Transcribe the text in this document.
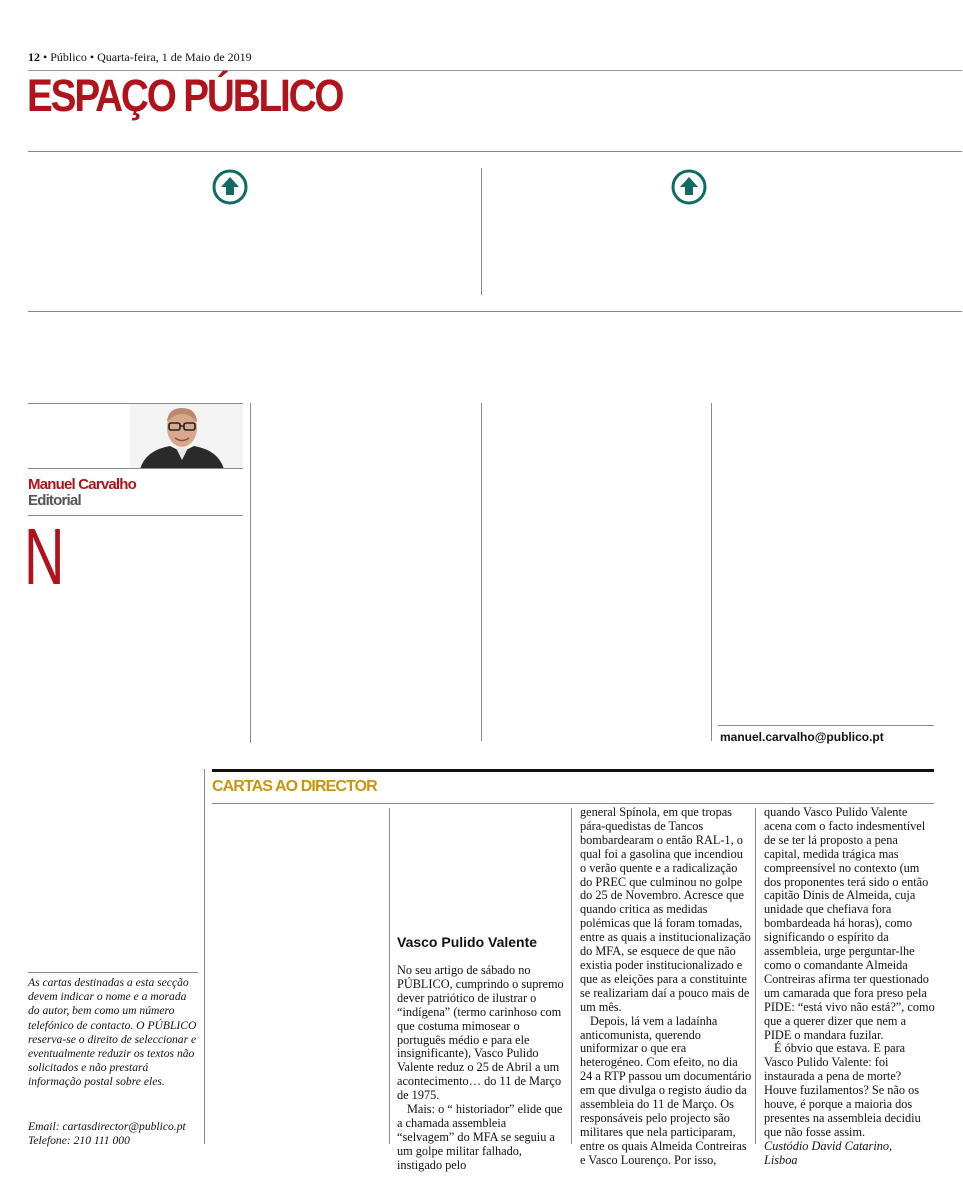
12 • Público • Quarta-feira, 1 de Maio de 2019
ESPAÇO PÚBLICO
Manuel Carvalho
Editorial
N
manuel.carvalho@publico.pt
CARTAS AO DIRECTOR
As cartas destinadas a esta secção devem indicar o nome e a morada do autor, bem como um número telefónico de contacto. O PÚBLICO reserva-se o direito de seleccionar e eventualmente reduzir os textos não solicitados e não prestará informação postal sobre eles.
Email: cartasdirector@publico.pt
Telefone: 210 111 000
Vasco Pulido Valente

No seu artigo de sábado no PÚBLICO, cumprindo o supremo dever patriótico de ilustrar o “indígena” (termo carinhoso com que costuma mimosear o português médio e para ele insignificante), Vasco Pulido Valente reduz o 25 de Abril a um acontecimento… do 11 de Março de 1975.

Mais: o “ historiador” elide que a chamada assembleia “selvagem” do MFA se seguiu a um golpe militar falhado, instigado pelo

general Spínola, em que tropas pára-quedistas de Tancos bombardearam o então RAL-1, o qual foi a gasolina que incendiou o verão quente e a radicalização do PREC que culminou no golpe do 25 de Novembro. Acresce que quando critica as medidas polémicas que lá foram tomadas, entre as quais a institucionalização do MFA, se esquece de que não existia poder institucionalizado e que as eleições para a constituinte se realizariam daí a pouco mais de um mês.

Depois, lá vem a ladaínha anticomunista, querendo uniformizar o que era heterogéneo. Com efeito, no dia 24 a RTP passou um documentário em que divulga o registo áudio da assembleia do 11 de Março. Os responsáveis pelo projecto são militares que nela participaram, entre os quais Almeida Contreiras e Vasco Lourenço. Por isso,

quando Vasco Pulido Valente acena com o facto indesmentível de se ter lá proposto a pena capital, medida trágica mas compreensível no contexto (um dos proponentes terá sido o então capitão Dinis de Almeida, cuja unidade que chefiava fora bombardeada há horas), como significando o espírito da assembleia, urge perguntar-lhe como o comandante Almeida Contreiras afirma ter questionado um camarada que fora preso pela PIDE: “está vivo não está?”, como que a querer dizer que nem a PIDE o mandara fuzilar.

É óbvio que estava. E para Vasco Pulido Valente: foi instaurada a pena de morte? Houve fuzilamentos? Se não os houve, é porque a maioria dos presentes na assembleia decidiu que não fosse assim.

Custódio David Catarino,
Lisboa
